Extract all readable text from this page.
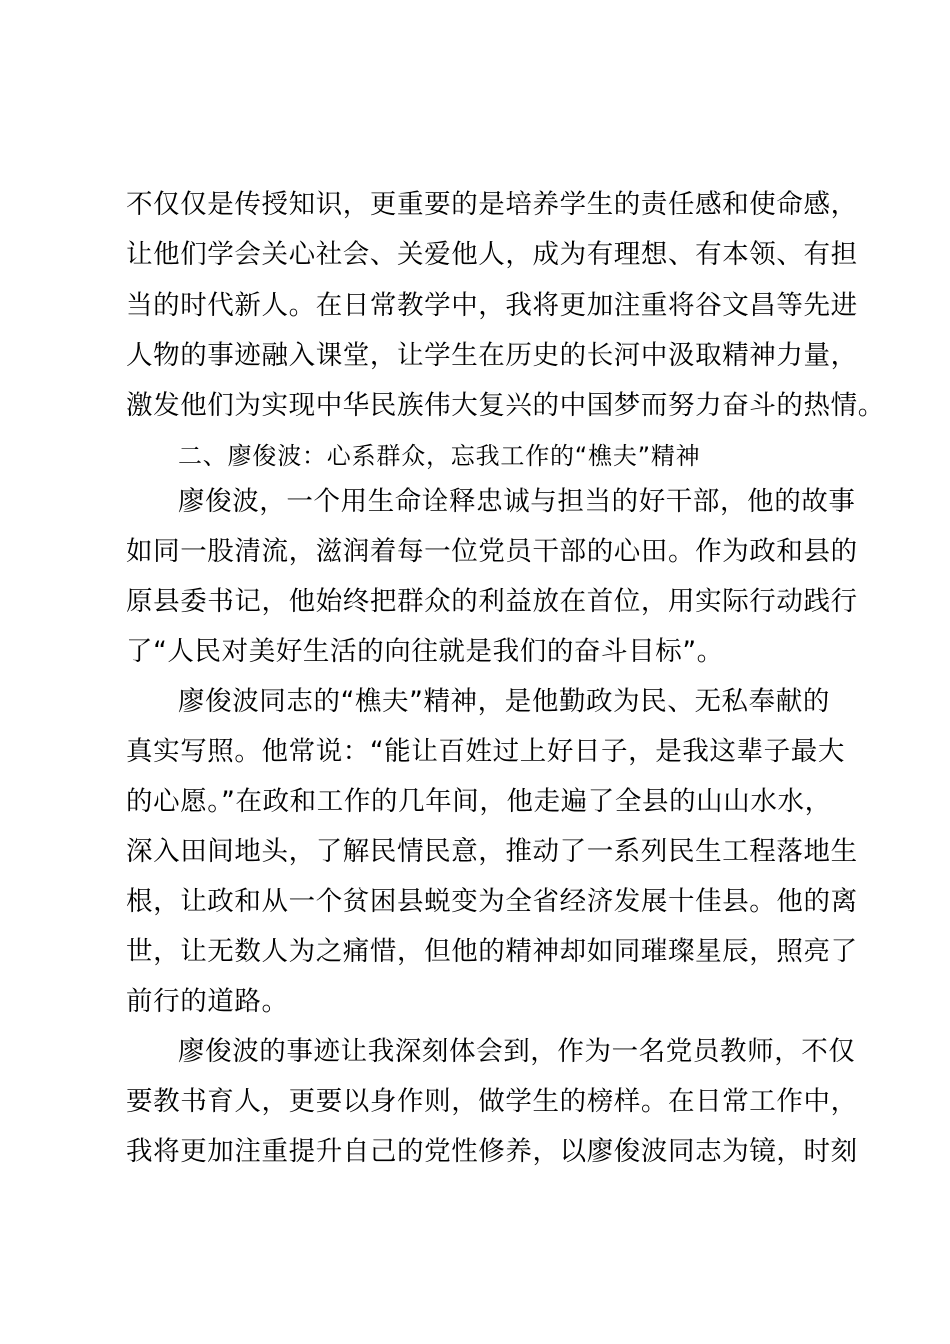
不仅仅是传授知识，更重要的是培养学生的责任感和使命感，
让他们学会关心社会、关爱他人，成为有理想、有本领、有担
当的时代新人。在日常教学中，我将更加注重将谷文昌等先进
人物的事迹融入课堂，让学生在历史的长河中汲取精神力量，
激发他们为实现中华民族伟大复兴的中国梦而努力奋斗的热情。
二、廖俊波：心系群众，忘我工作的“樵夫”精神
廖俊波，一个用生命诠释忠诚与担当的好干部，他的故事
如同一股清流，滋润着每一位党员干部的心田。作为政和县的
原县委书记，他始终把群众的利益放在首位，用实际行动践行
了“人民对美好生活的向往就是我们的奋斗目标”。
廖俊波同志的“樵夫”精神，是他勤政为民、无私奉献的
真实写照。他常说：“能让百姓过上好日子，是我这辈子最大
的心愿。”在政和工作的几年间，他走遍了全县的山山水水，
深入田间地头，了解民情民意，推动了一系列民生工程落地生
根，让政和从一个贫困县蜕变为全省经济发展十佳县。他的离
世，让无数人为之痛惜，但他的精神却如同璀璨星辰，照亮了
前行的道路。
廖俊波的事迹让我深刻体会到，作为一名党员教师，不仅
要教书育人，更要以身作则，做学生的榜样。在日常工作中，
我将更加注重提升自己的党性修养，以廖俊波同志为镜，时刻
